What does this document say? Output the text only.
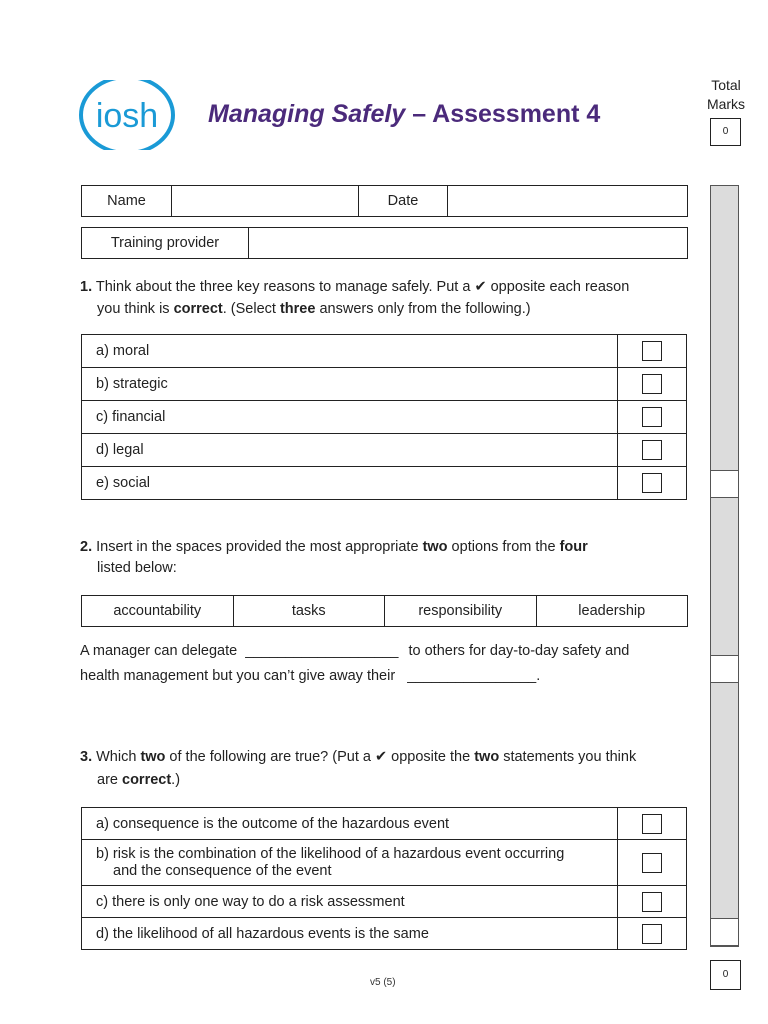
iosh Managing Safely – Assessment 4
Total
Marks
0
0
Name		Date	
Training provider	
1. Think about the three key reasons to manage safely. Put a ✔ opposite each reason
you think is correct. (Select three answers only from the following.)
a) moral	

b) strategic	

c) financial	

d) legal	

e) social	
2. Insert in the spaces provided the most appropriate two options from the four
listed below:
accountability	tasks	responsibility	leadership
A manager can delegate ___________________ to others for day-to-day safety and
health management but you can’t give away their ________________.
3. Which two of the following are true? (Put a ✔ opposite the two statements you think
are correct.)
a) consequence is the outcome of the hazardous event	

b) risk is the combination of the likelihood of a hazardous event occurring
and the consequence of the event	

c) there is only one way to do a risk assessment	

d) the likelihood of all hazardous events is the same	
v5 (5)
